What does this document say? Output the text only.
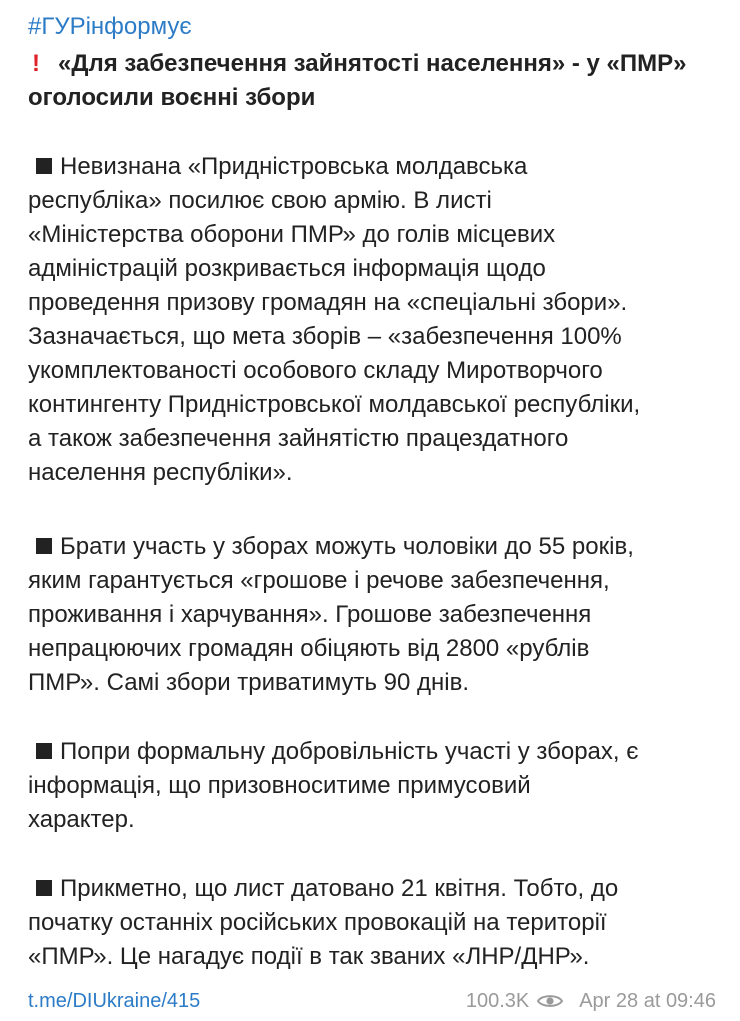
#ГУРінформує
! «Для забезпечення зайнятості населення» - у «ПМР» оголосили воєнні збори
Невизнана «Придністровська молдавська
республіка» посилює свою армію. В листі
«Міністерства оборони ПМР» до голів місцевих
адміністрацій розкривається інформація щодо
проведення призову громадян на «спеціальні збори».
Зазначається, що мета зборів – «забезпечення 100%
укомплектованості особового складу Миротворчого
контингенту Придністровської молдавської республіки,
а також забезпечення зайнятістю працездатного
населення республіки».
Брати участь у зборах можуть чоловіки до 55 років,
яким гарантується «грошове і речове забезпечення,
проживання і харчування». Грошове забезпечення
непрацюючих громадян обіцяють від 2800 «рублів
ПМР». Самі збори триватимуть 90 днів.
Попри формальну добровільність участі у зборах, є
інформація, що призовноситиме примусовий
характер.
Прикметно, що лист датовано 21 квітня. Тобто, до
початку останніх російських провокацій на території
«ПМР». Це нагадує події в так званих «ЛНР/ДНР».
t.me/DIUkraine/415	100.3K	Apr 28 at 09:46
